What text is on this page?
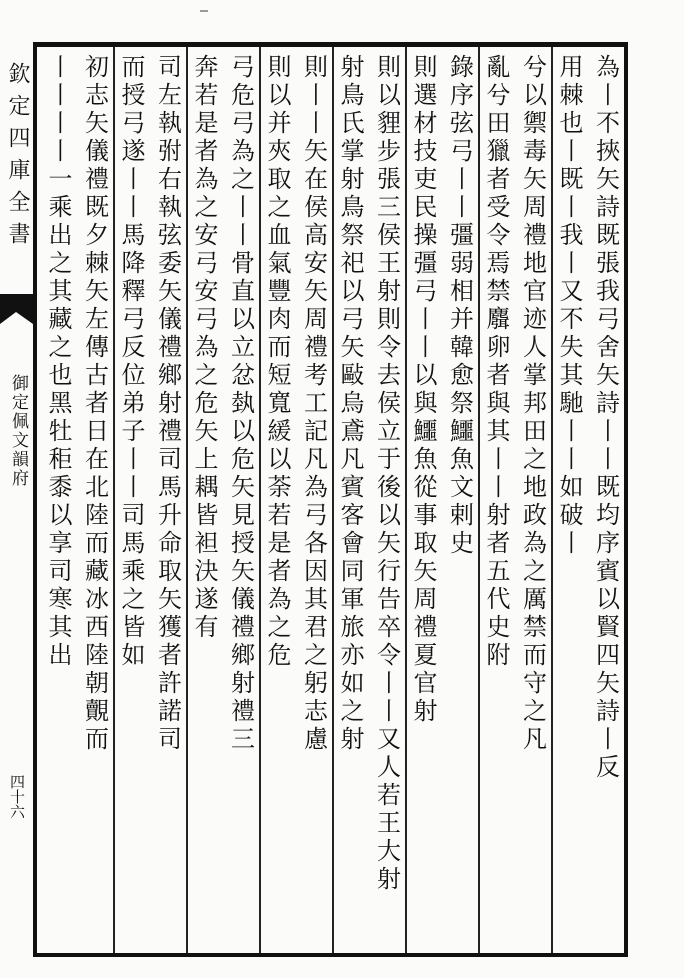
欽定四庫全書
御定佩文韻府
四十六
為丨不挾矢詩既張我弓舍矢詩丨丨既均序賓以賢四矢詩丨反
用棘也丨既丨我丨又不失其馳丨丨如破丨
兮以禦毒矢周禮地官迹人掌邦田之地政為之厲禁而守之凡
亂兮田獵者受令焉禁麛卵者與其丨丨射者五代史附
錄序弦弓丨丨彊弱相并韓愈祭鱷魚文剌史
則選材技吏民操彊弓丨丨以與鱷魚從事取矢周禮夏官射
則以貍步張三侯王射則令去侯立于後以矢行告卒令丨丨又人若王大射
射鳥氏掌射鳥祭祀以弓矢敺烏鳶凡賓客會同軍旅亦如之射
則丨丨矢在侯高安矢周禮考工記凡為弓各因其君之躬志慮
則以并夾取之血氣豐肉而短寬緩以荼若是者為之危
弓危弓為之丨丨骨直以立忿埶以危矢見授矢儀禮鄉射禮三
奔若是者為之安弓安弓為之危矢上耦皆袒決遂有
司左執弣右執弦委矢儀禮鄉射禮司馬升命取矢獲者許諾司
而授弓遂丨丨馬降釋弓反位弟子丨丨司馬乘之皆如
初志矢儀禮既夕棘矢左傳古者日在北陸而藏冰西陸朝覿而
丨丨丨丨一乘出之其藏之也黑牡秬黍以享司寒其出
